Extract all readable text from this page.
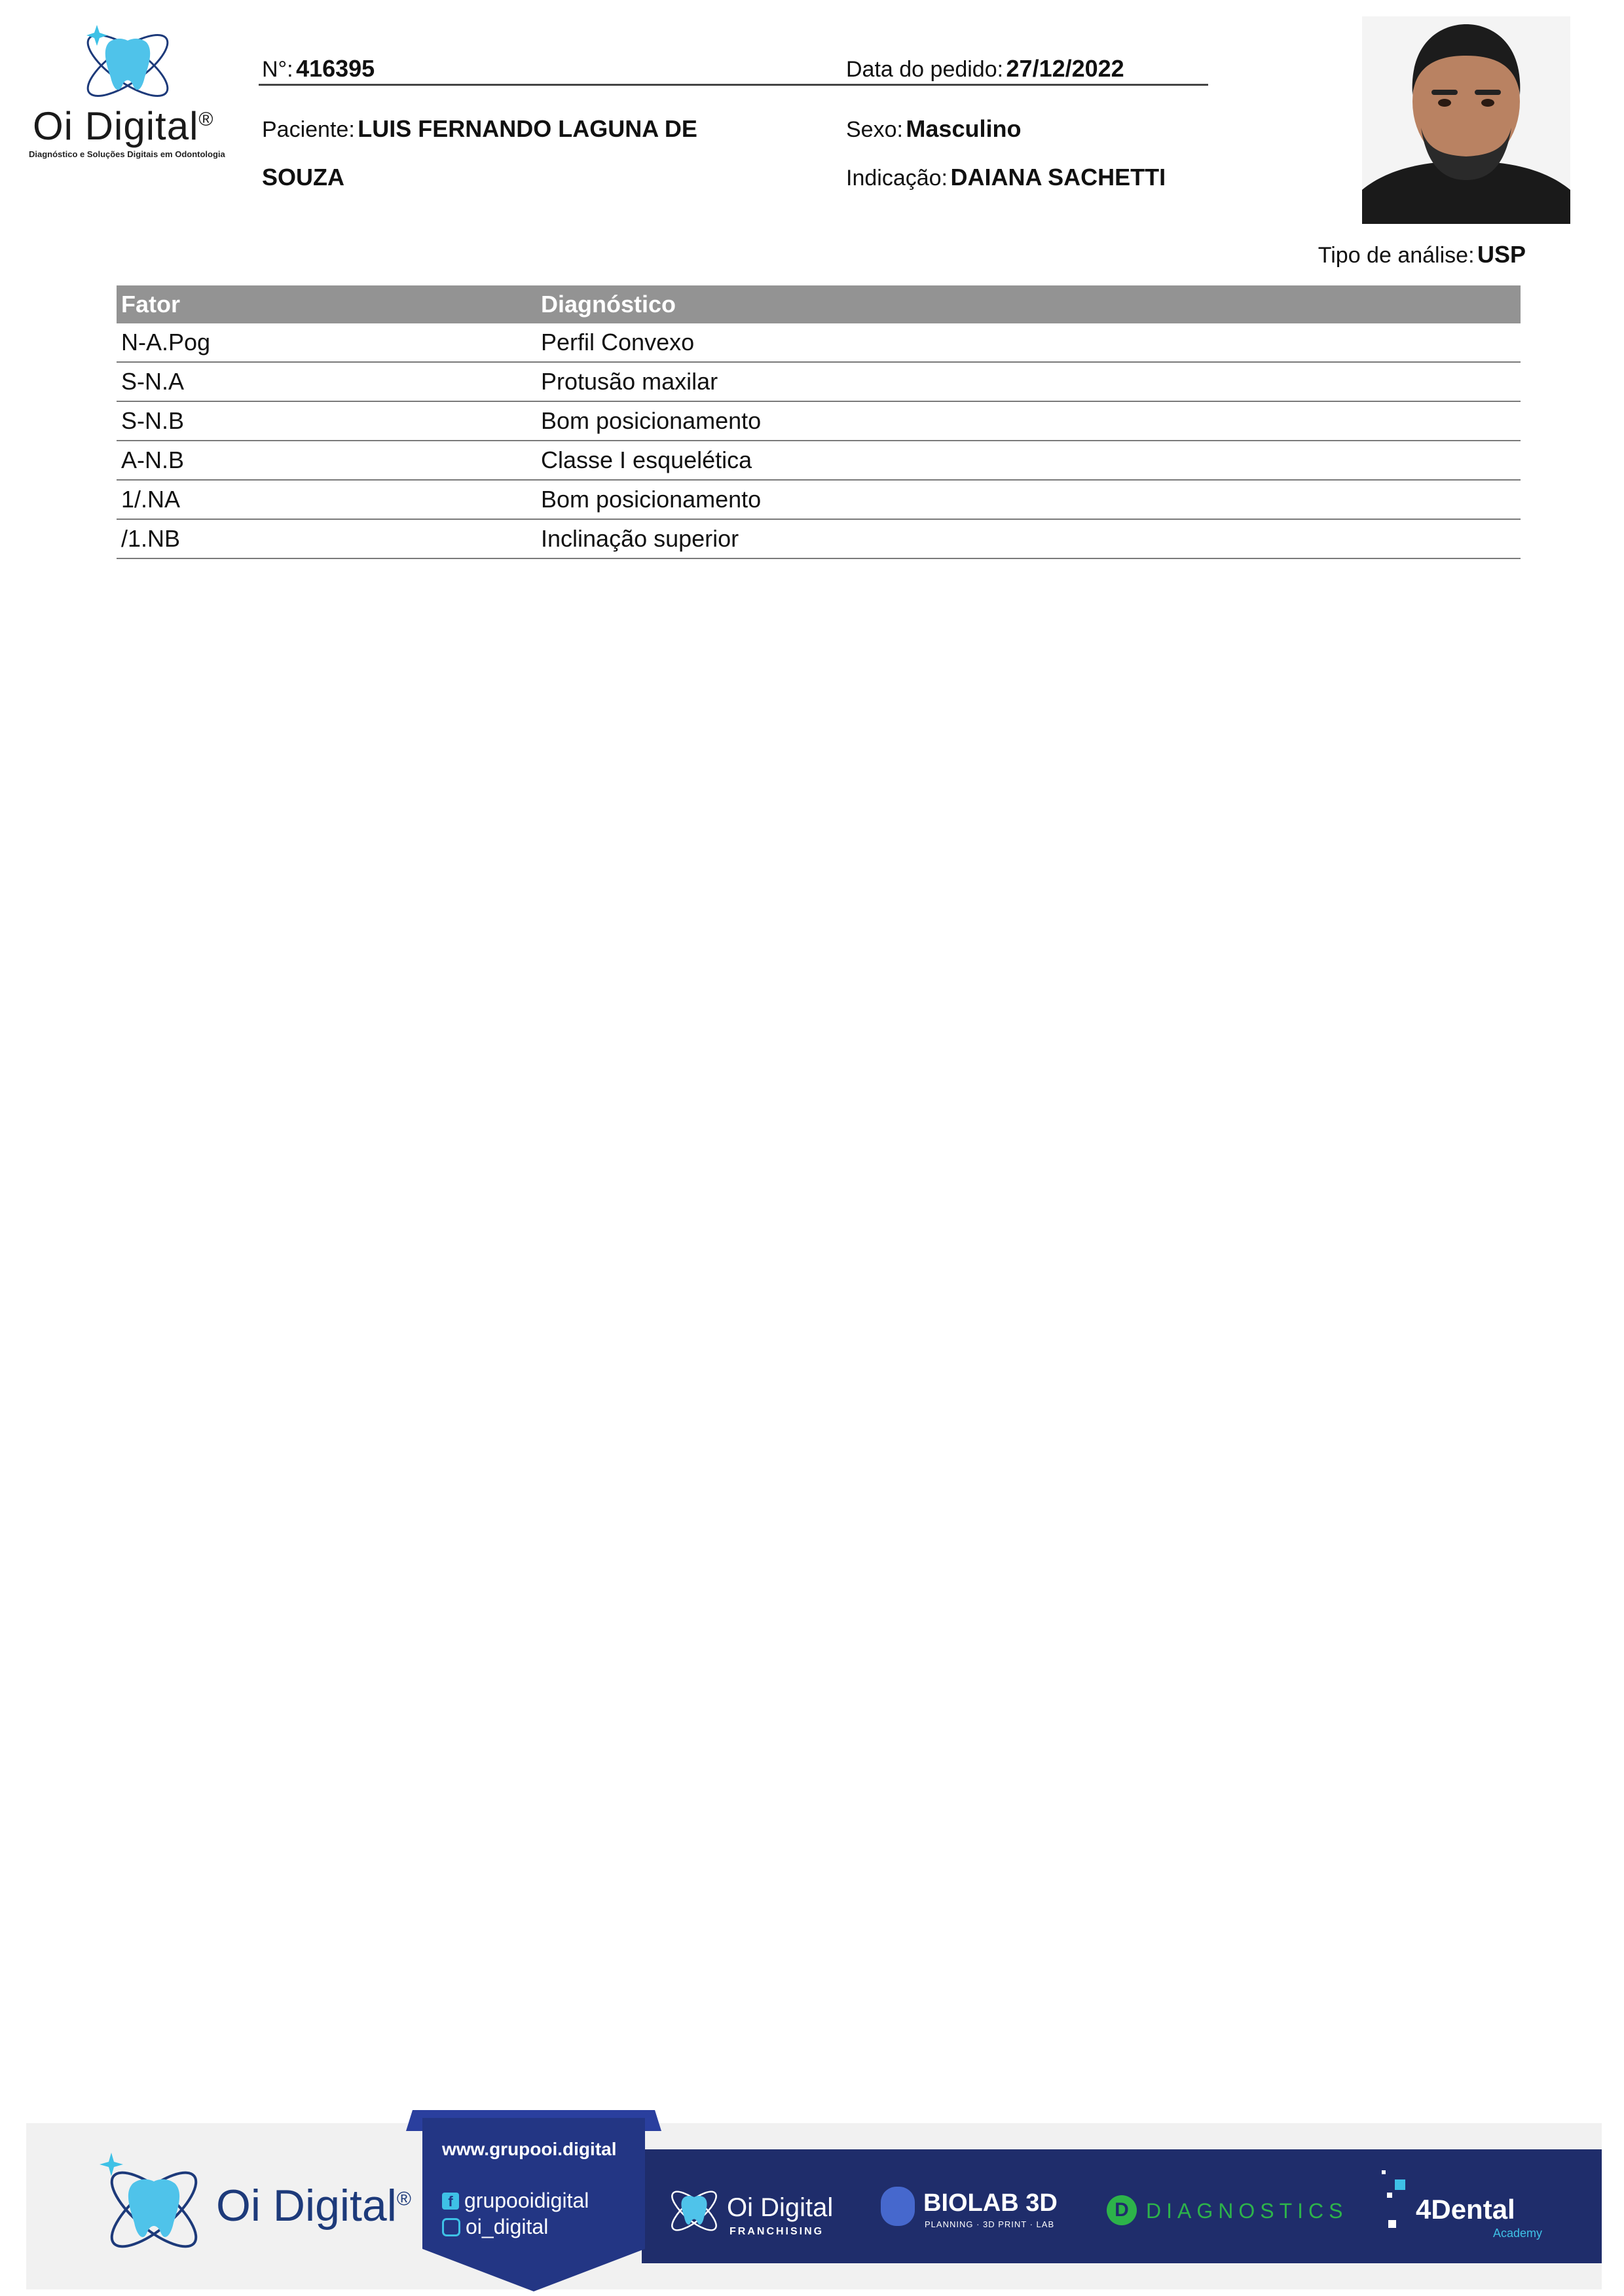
Oi Digital®
Diagnóstico e Soluções Digitais em Odontologia
N°: 416395	Data do pedido: 27/12/2022
Paciente: LUIS FERNANDO LAGUNA DE
SOUZA
Sexo: Masculino
Indicação: DAIANA SACHETTI
Tipo de análise: USP
Fator	Diagnóstico
N-A.Pog	Perfil Convexo
S-N.A	Protusão maxilar
S-N.B	Bom posicionamento
A-N.B	Classe I esquelética
1/.NA	Bom posicionamento
/1.NB	Inclinação superior
Oi Digital®
www.grupooi.digital
f grupooidigital
oi_digital
Oi Digital
FRANCHISING
BIOLAB 3D
PLANNING · 3D PRINT · LAB
D DIAGNOSTICS 4Dental
Academy
